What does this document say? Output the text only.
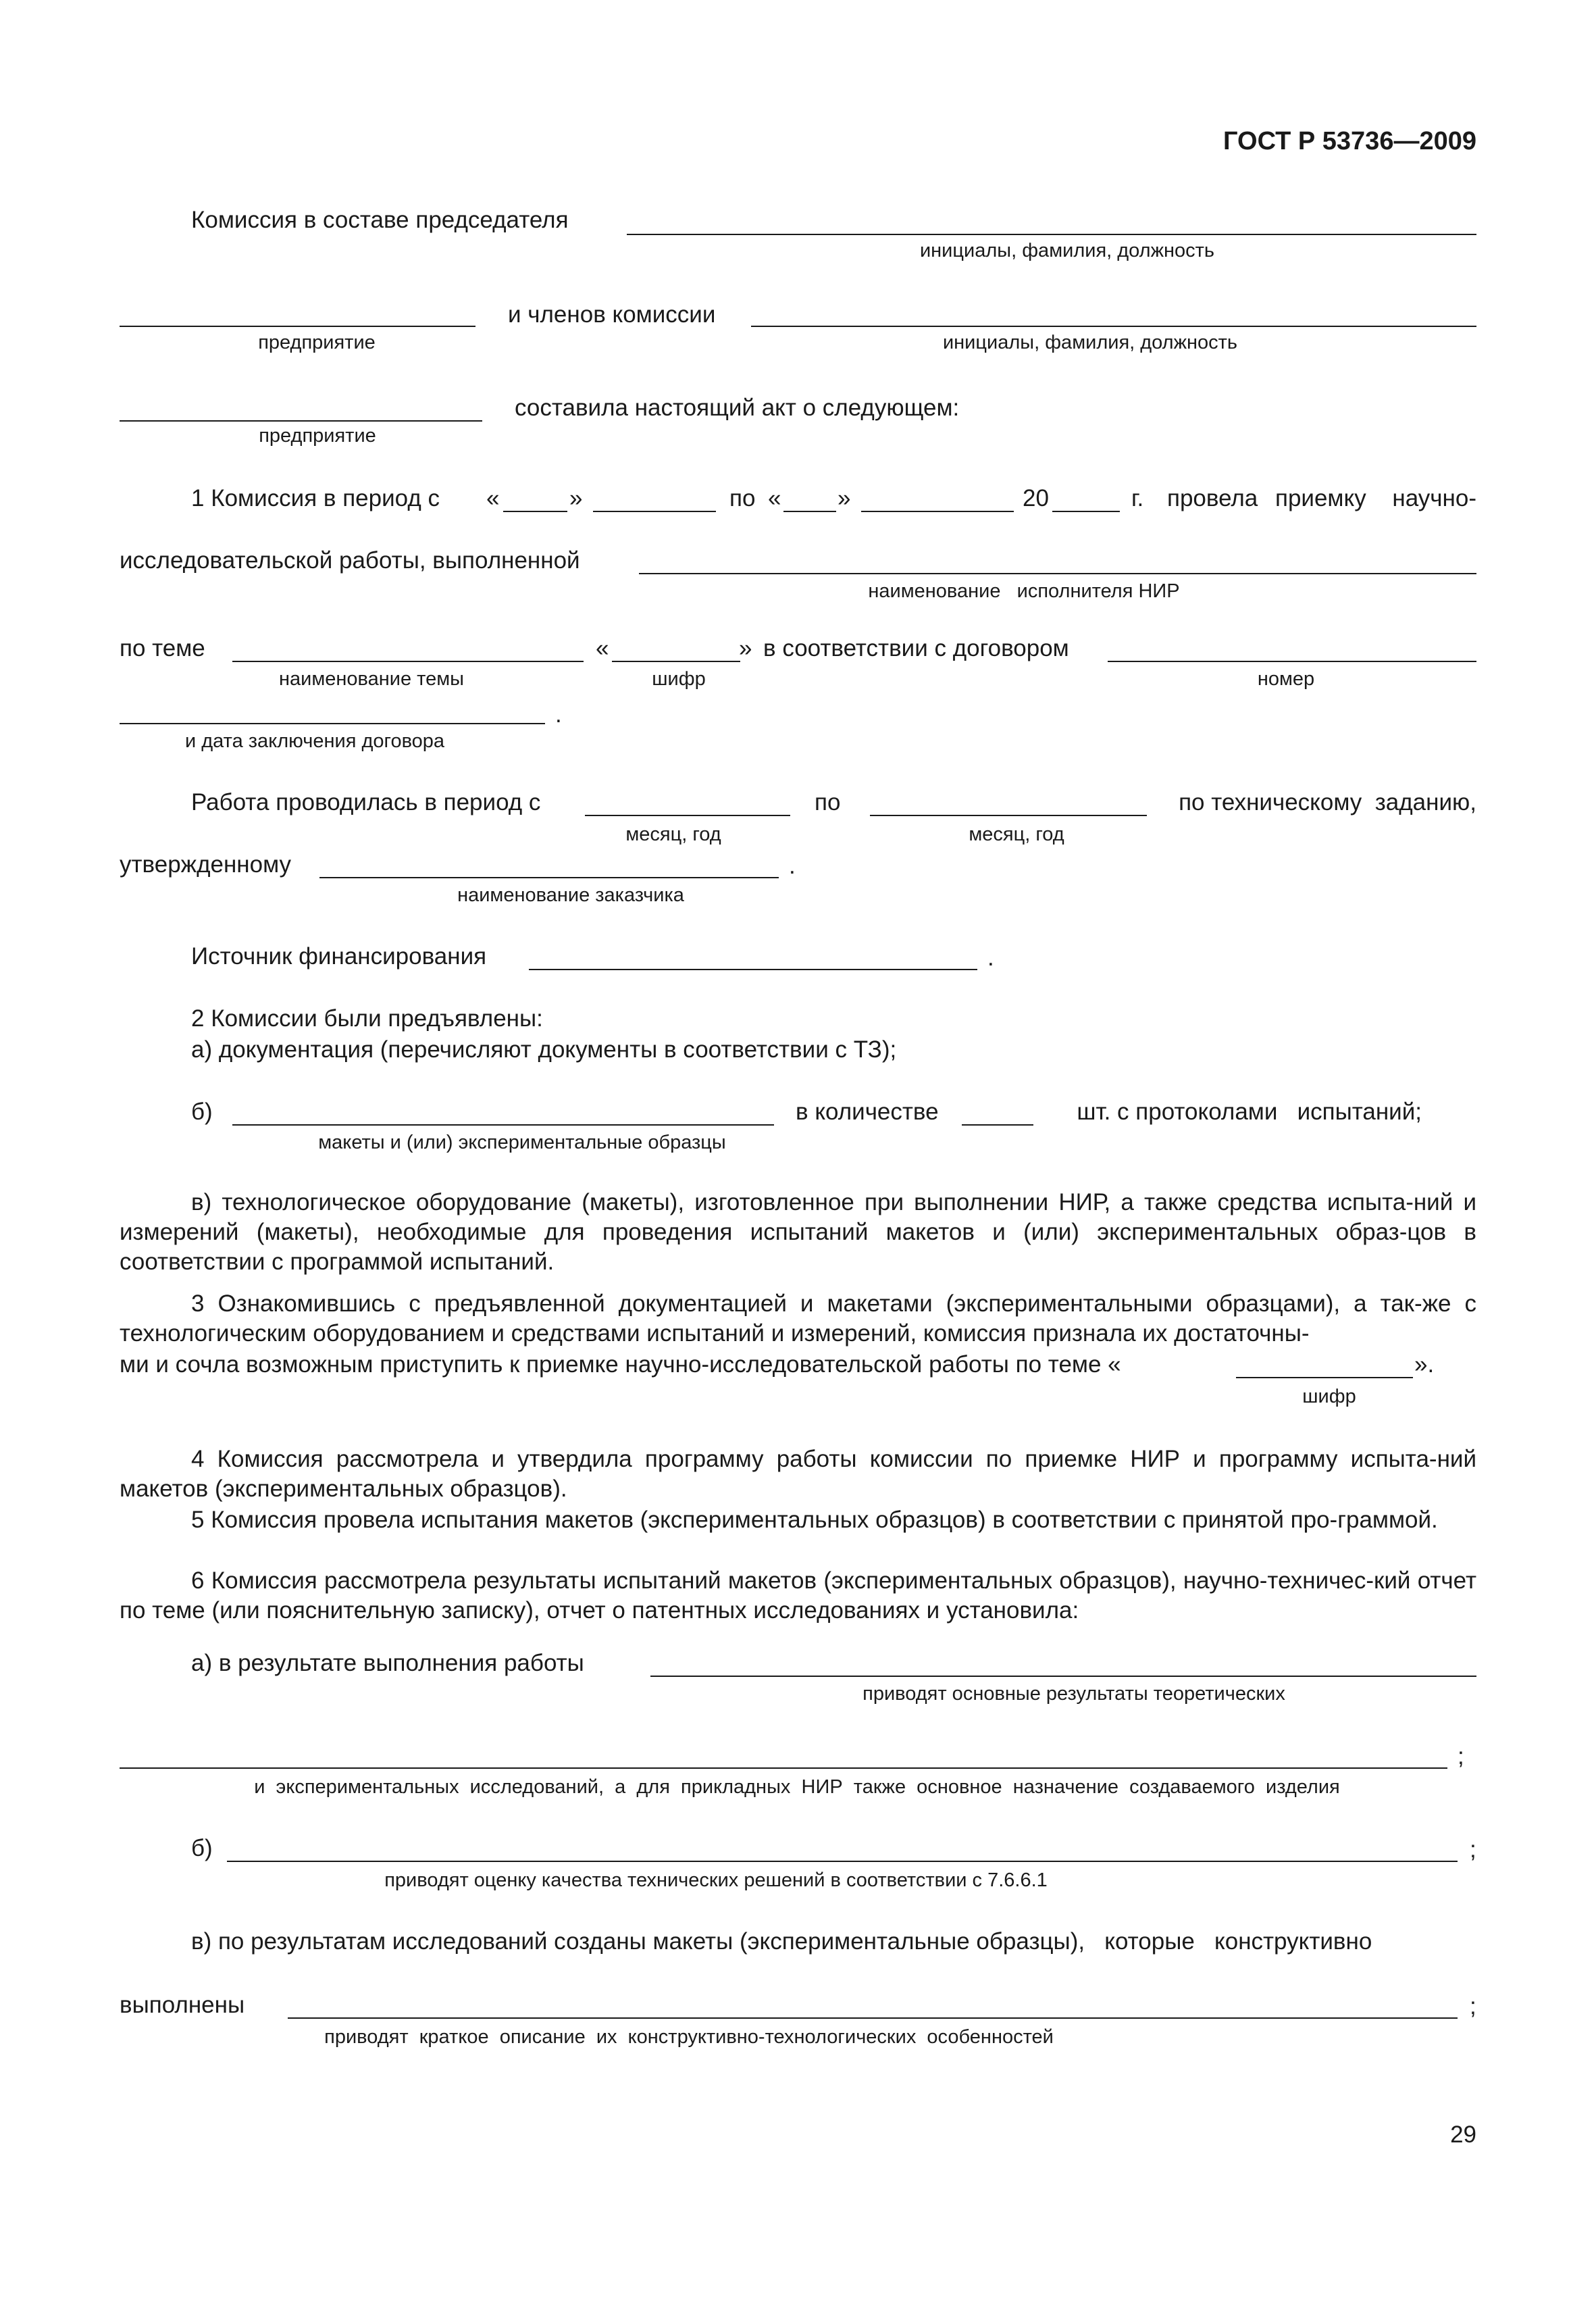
ГОСТ Р 53736—2009
Комиссия в составе председателя
инициалы, фамилия, должность
и членов комиссии
предприятие	инициалы, фамилия, должность
составила настоящий акт о следующем:
предприятие
1 Комиссия в период с «	»	по « »	20	г. провела приемку научно-
исследовательской работы, выполненной
наименование   исполнителя НИР
по теме	«	» в соответствии с договором
наименование темы	шифр	номер
.
и дата заключения договора
Работа проводилась в период с	по	по техническому  заданию,
месяц, год	месяц, год
утвержденному	.
наименование заказчика
Источник финансирования	.
2 Комиссии были предъявлены:
а) документация (перечисляют документы в соответствии с ТЗ);
б)	в количестве	шт. с протоколами   испытаний;
макеты и (или) экспериментальные образцы
в) технологическое оборудование (макеты), изготовленное при выполнении НИР, а также средства испыта-ний и измерений (макеты), необходимые для проведения испытаний макетов и (или) экспериментальных образ-цов в соответствии с программой испытаний.
3 Ознакомившись с предъявленной документацией и макетами (экспериментальными образцами), а так-же с технологическим оборудованием и средствами испытаний и измерений, комиссия признала их достаточны-
ми и сочла возможным приступить к приемке научно-исследовательской работы по теме «	».
шифр
4 Комиссия рассмотрела и утвердила программу работы комиссии по приемке НИР и программу испыта-ний макетов (экспериментальных образцов).
5 Комиссия провела испытания макетов (экспериментальных образцов) в соответствии с принятой про-граммой.
6 Комиссия рассмотрела результаты испытаний макетов (экспериментальных образцов), научно-техничес-кий отчет по теме (или пояснительную записку), отчет о патентных исследованиях и установила:
а) в результате выполнения работы
приводят основные результаты теоретических
;
и  экспериментальных  исследований,  а  для  прикладных  НИР  также  основное  назначение  создаваемого  изделия
б)	;
приводят оценку качества технических решений в соответствии с 7.6.6.1
в) по результатам исследований созданы макеты (экспериментальные образцы),   которые   конструктивно
выполнены	;
приводят  краткое  описание  их  конструктивно-технологических  особенностей
29
